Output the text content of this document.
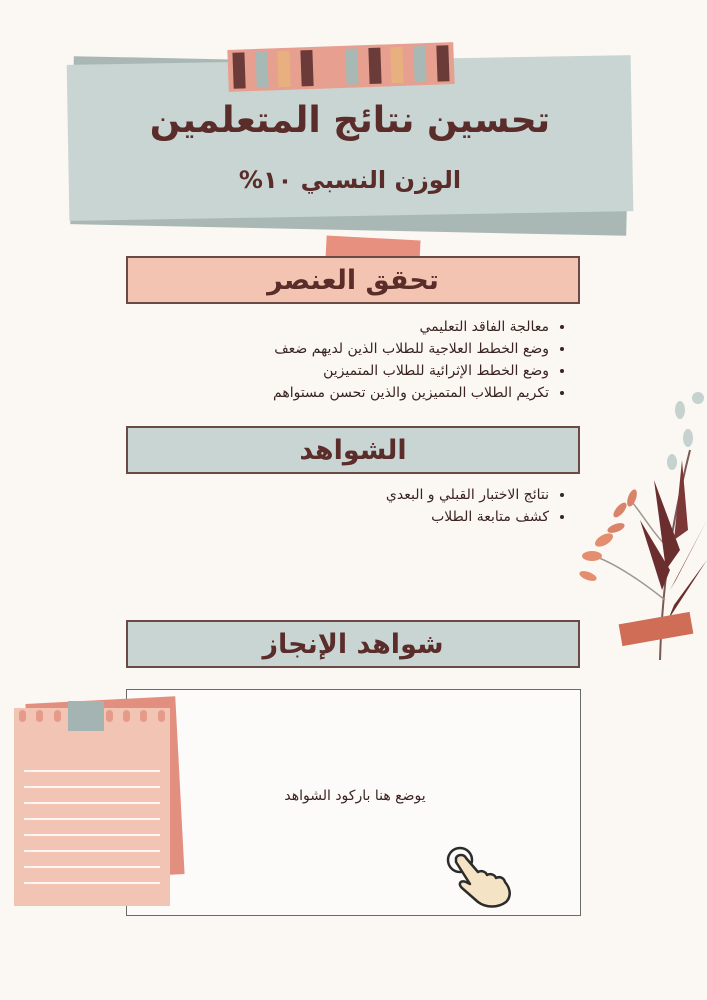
تحسين نتائج المتعلمين
الوزن النسبي ١٠%
تحقق العنصر
• معالجة الفاقد التعليمي
• وضع الخطط العلاجية للطلاب الذين لديهم ضعف
• وضع الخطط الإثرائية للطلاب المتميزين
• تكريم الطلاب المتميزين والذين تحسن مستواهم
الشواهد
• نتائج الاختبار القبلي و البعدي
• كشف متابعة الطلاب
شواهد الإنجاز
يوضع هنا باركود الشواهد
